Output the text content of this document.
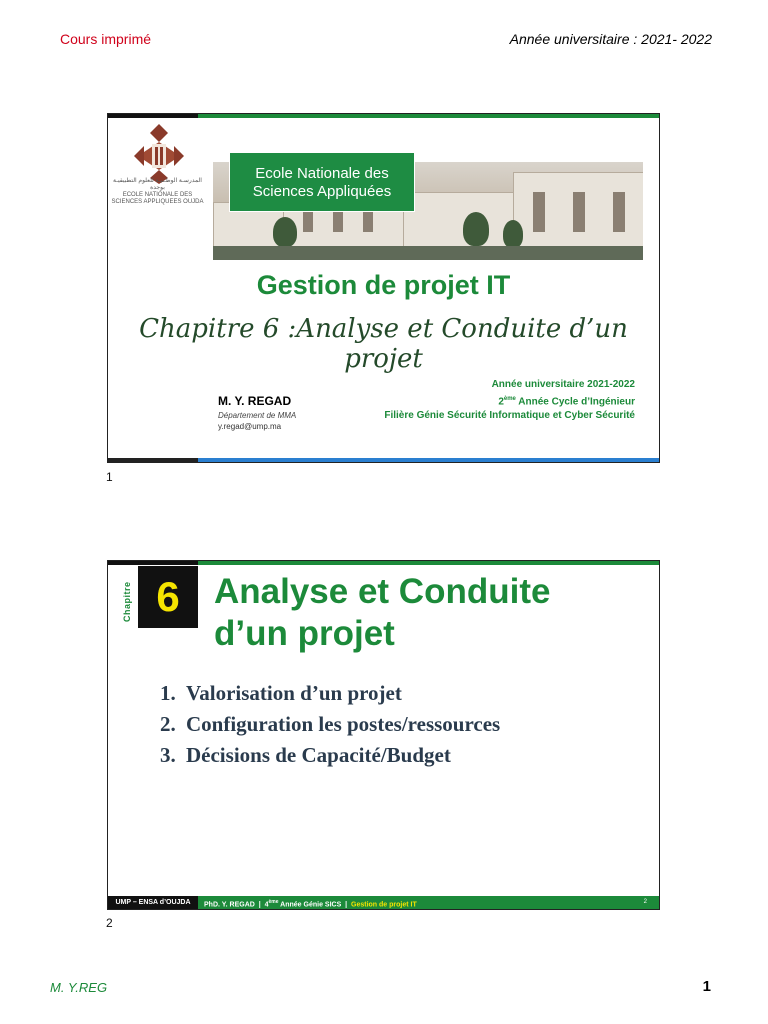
Cours imprimé	Année universitaire : 2021- 2022
المدرسـة الوطـنيـة للعلوم التطبيقيـة بوجدة
ECOLE NATIONALE DES SCIENCES APPLIQUEES OUJDA
Ecole Nationale des
Sciences Appliquées
Gestion de projet IT
Chapitre 6 :Analyse et Conduite d’un projet
M. Y. REGAD
Département de MMA
y.regad@ump.ma
Année universitaire 2021-2022
2ème Année Cycle d’Ingénieur
Filière Génie Sécurité Informatique et Cyber Sécurité
1
Chapitre 6 Analyse et Conduite
d’un projet
1. Valorisation d’un projet
2. Configuration les postes/ressources
3. Décisions de Capacité/Budget
UMP – ENSA d’OUJDA	PhD. Y. REGAD | 4ème Année Génie SICS | Gestion de projet IT	2
2
M. Y.REG	1
